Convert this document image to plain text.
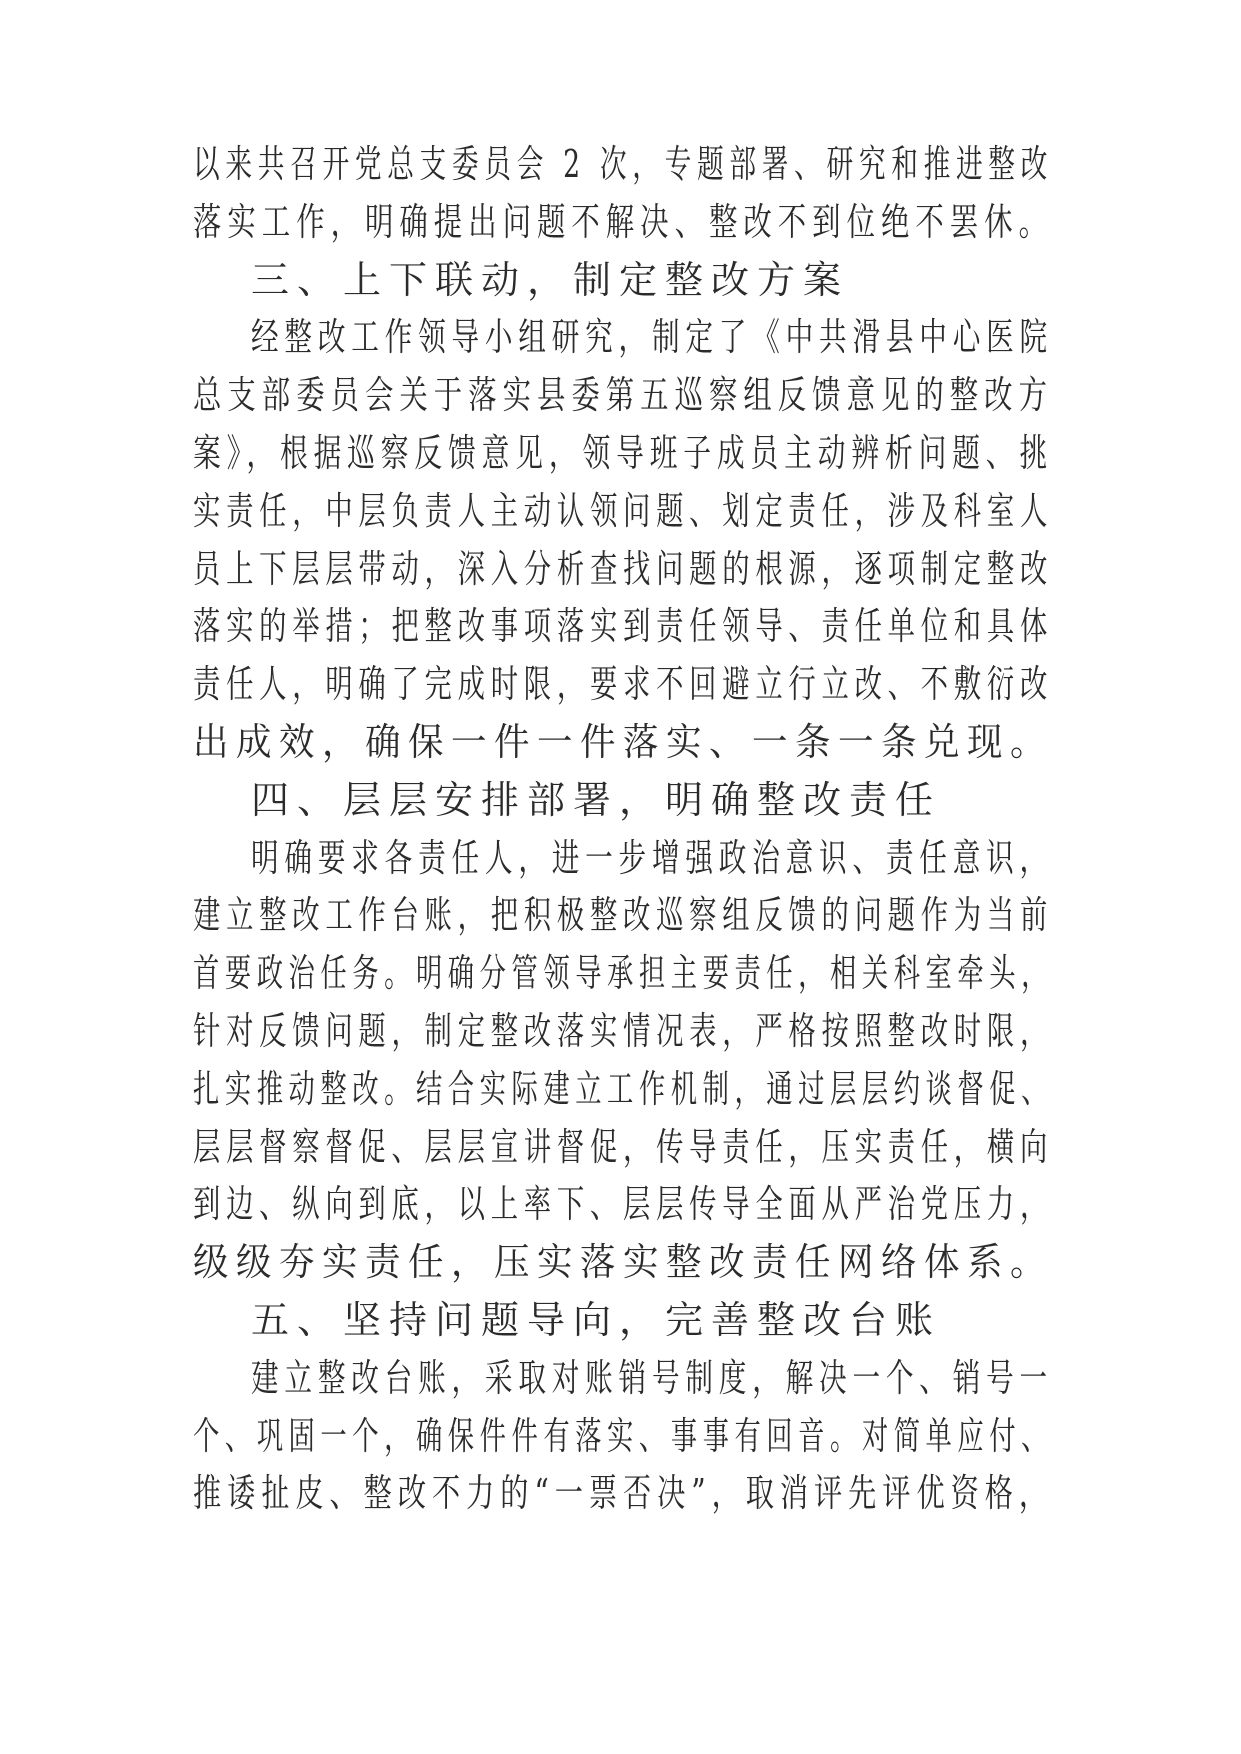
以来共召开党总支委员会 2 次，专题部署、研究和推进整改
落实工作，明确提出问题不解决、整改不到位绝不罢休。
三、上下联动，制定整改方案
经整改工作领导小组研究，制定了《中共滑县中心医院
总支部委员会关于落实县委第五巡察组反馈意见的整改方
案》，根据巡察反馈意见，领导班子成员主动辨析问题、挑
实责任，中层负责人主动认领问题、划定责任，涉及科室人
员上下层层带动，深入分析查找问题的根源，逐项制定整改
落实的举措；把整改事项落实到责任领导、责任单位和具体
责任人，明确了完成时限，要求不回避立行立改、不敷衍改
出成效，确保一件一件落实、一条一条兑现。
四、层层安排部署，明确整改责任
明确要求各责任人，进一步增强政治意识、责任意识，
建立整改工作台账，把积极整改巡察组反馈的问题作为当前
首要政治任务。明确分管领导承担主要责任，相关科室牵头，
针对反馈问题，制定整改落实情况表，严格按照整改时限，
扎实推动整改。结合实际建立工作机制，通过层层约谈督促、
层层督察督促、层层宣讲督促，传导责任，压实责任，横向
到边、纵向到底，以上率下、层层传导全面从严治党压力，
级级夯实责任，压实落实整改责任网络体系。
五、坚持问题导向，完善整改台账
建立整改台账，采取对账销号制度，解决一个、销号一
个、巩固一个，确保件件有落实、事事有回音。对简单应付、
推诿扯皮、整改不力的“一票否决”，取消评先评优资格，
